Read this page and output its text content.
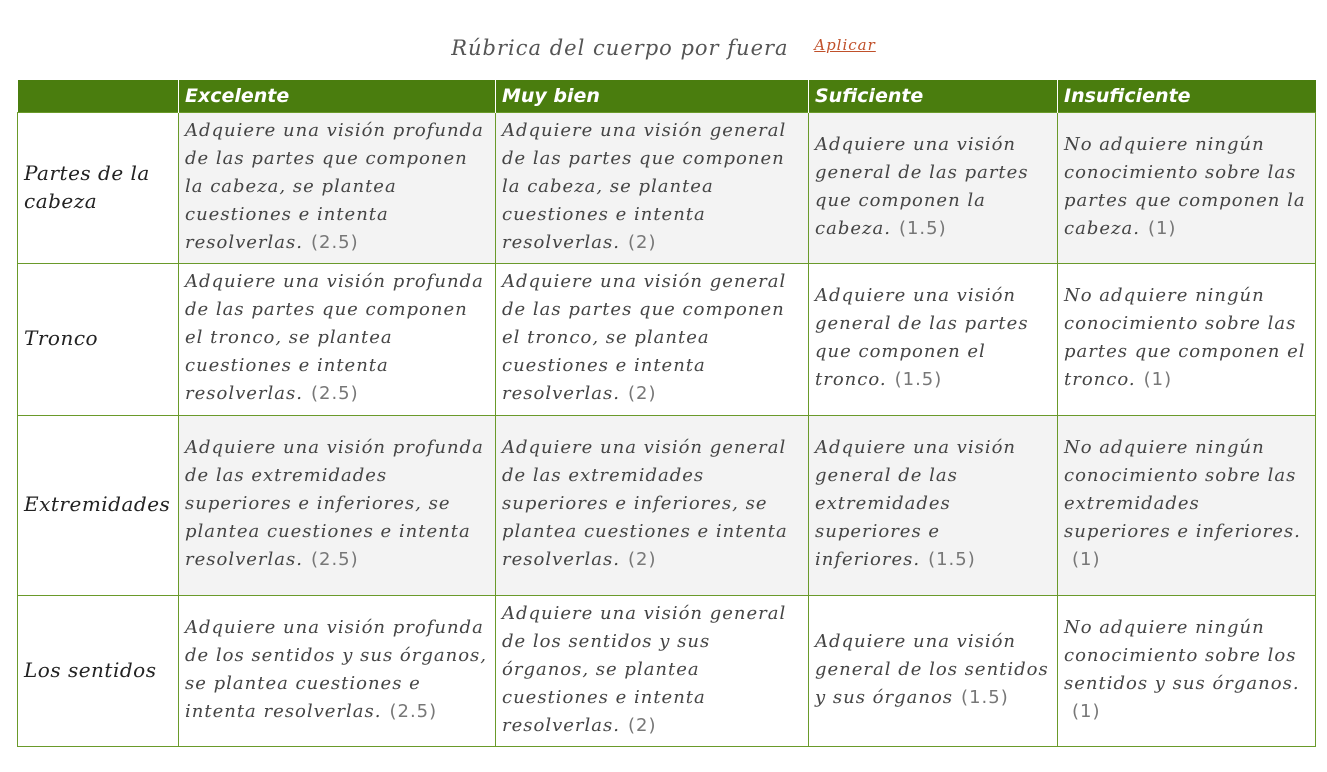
Rúbrica del cuerpo por fuera $^{Aplicar}$
	Excelente	Muy bien	Suficiente	Insuficiente
Partes de la cabeza	Adquiere una visión profunda de las partes que componen la cabeza, se plantea cuestiones e intenta resolverlas. (2.5)	Adquiere una visión general de las partes que componen la cabeza, se plantea cuestiones e intenta resolverlas. (2)	Adquiere una visión general de las partes que componen la cabeza. (1.5)	No adquiere ningún conocimiento sobre las partes que componen la cabeza. (1)
Tronco	Adquiere una visión profunda de las partes que componen el tronco, se plantea cuestiones e intenta resolverlas. (2.5)	Adquiere una visión general de las partes que componen el tronco, se plantea cuestiones e intenta resolverlas. (2)	Adquiere una visión general de las partes que componen el tronco. (1.5)	No adquiere ningún conocimiento sobre las partes que componen el tronco. (1)
Extremidades	Adquiere una visión profunda de las extremidades superiores e inferiores, se plantea cuestiones e intenta resolverlas. (2.5)	Adquiere una visión general de las extremidades superiores e inferiores, se plantea cuestiones e intenta resolverlas. (2)	Adquiere una visión general de las extremidades superiores e inferiores. (1.5)	No adquiere ningún conocimiento sobre las extremidades superiores e inferiores.(1)
Los sentidos	Adquiere una visión profunda de los sentidos y sus órganos, se plantea cuestiones e intenta resolverlas. (2.5)	Adquiere una visión general de los sentidos y sus órganos, se plantea cuestiones e intenta resolverlas. (2)	Adquiere una visión general de los sentidos y sus órganos (1.5)	No adquiere ningún conocimiento sobre los sentidos y sus órganos.(1)
